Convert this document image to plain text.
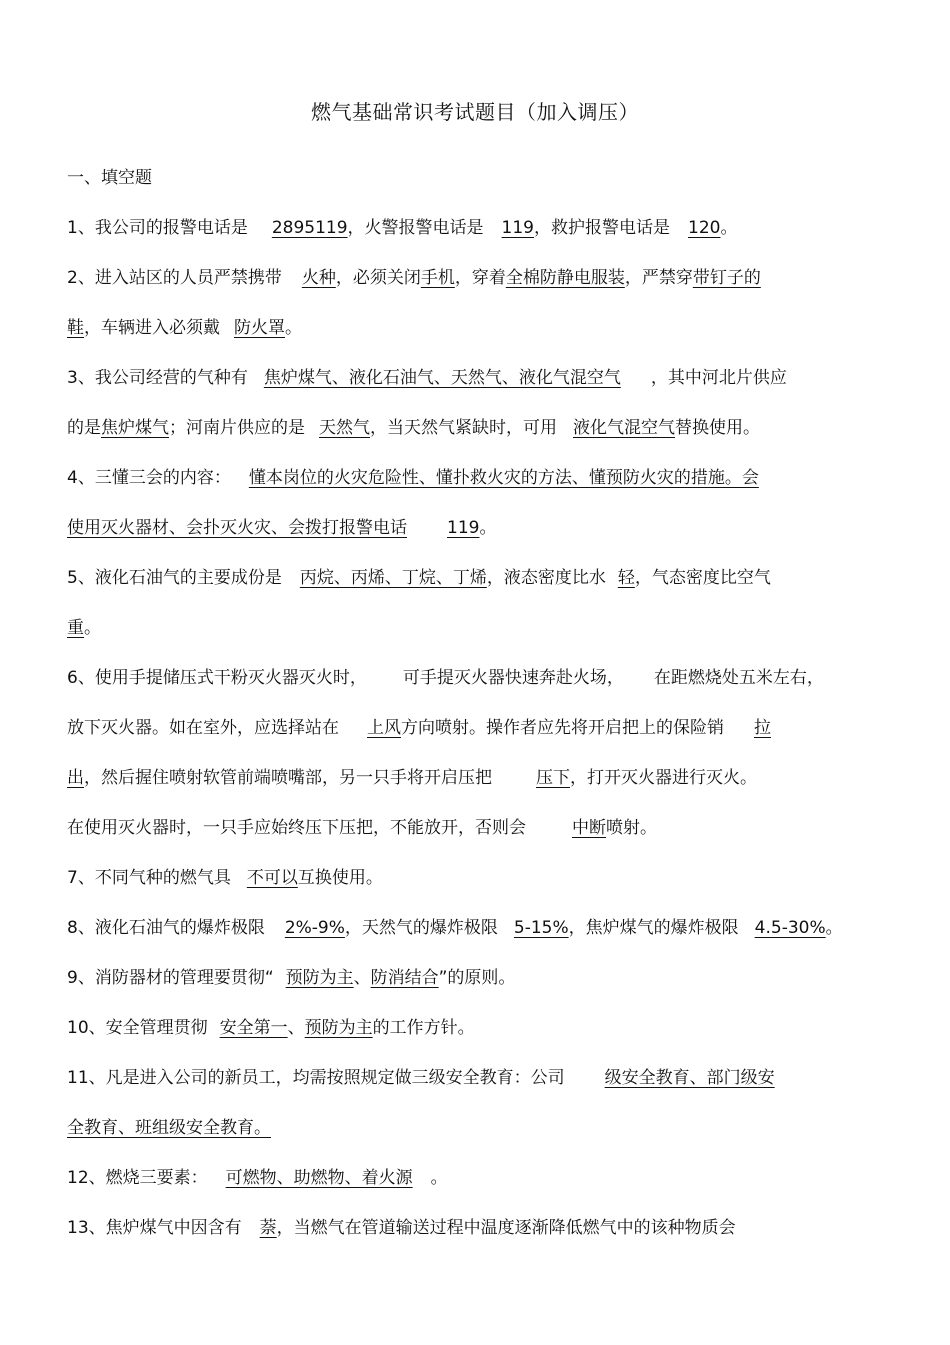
燃气基础常识考试题目（加入调压）
一、填空题
1、我公司的报警电话是 2895119，火警报警电话是 119，救护报警电话是 120。
2、进入站区的人员严禁携带 火种，必须关闭手机，穿着全棉防静电服装，严禁穿带钉子的
鞋，车辆进入必须戴 防火罩。
3、我公司经营的气种有 焦炉煤气、液化石油气、天然气、液化气混空气 ，其中河北片供应
的是焦炉煤气；河南片供应的是 天然气，当天然气紧缺时，可用 液化气混空气替换使用。
4、三懂三会的内容： 懂本岗位的火灾危险性、懂扑救火灾的方法、懂预防火灾的措施。会
使用灭火器材、会扑灭火灾、会拨打报警电话 119。
5、液化石油气的主要成份是 丙烷、丙烯、丁烷、丁烯，液态密度比水 轻，气态密度比空气
重。
6、使用手提储压式干粉灭火器灭火时， 可手提灭火器快速奔赴火场， 在距燃烧处五米左右，
放下灭火器。如在室外，应选择站在 上风方向喷射。操作者应先将开启把上的保险销 拉
出，然后握住喷射软管前端喷嘴部，另一只手将开启压把	压下，打开灭火器进行灭火。
在使用灭火器时，一只手应始终压下压把，不能放开，否则会	中断喷射。
7、不同气种的燃气具 不可以互换使用。
8、液化石油气的爆炸极限 2%-9%，天然气的爆炸极限 5-15%，焦炉煤气的爆炸极限 4.5-30%。
9、消防器材的管理要贯彻“ 预防为主、防消结合”的原则。
10、安全管理贯彻 安全第一、预防为主的工作方针。
11、凡是进入公司的新员工，均需按照规定做三级安全教育：公司 级安全教育、部门级安
全教育、班组级安全教育。
12、燃烧三要素： 可燃物、助燃物、着火源 。
13、焦炉煤气中因含有 萘，当燃气在管道输送过程中温度逐渐降低燃气中的该种物质会
